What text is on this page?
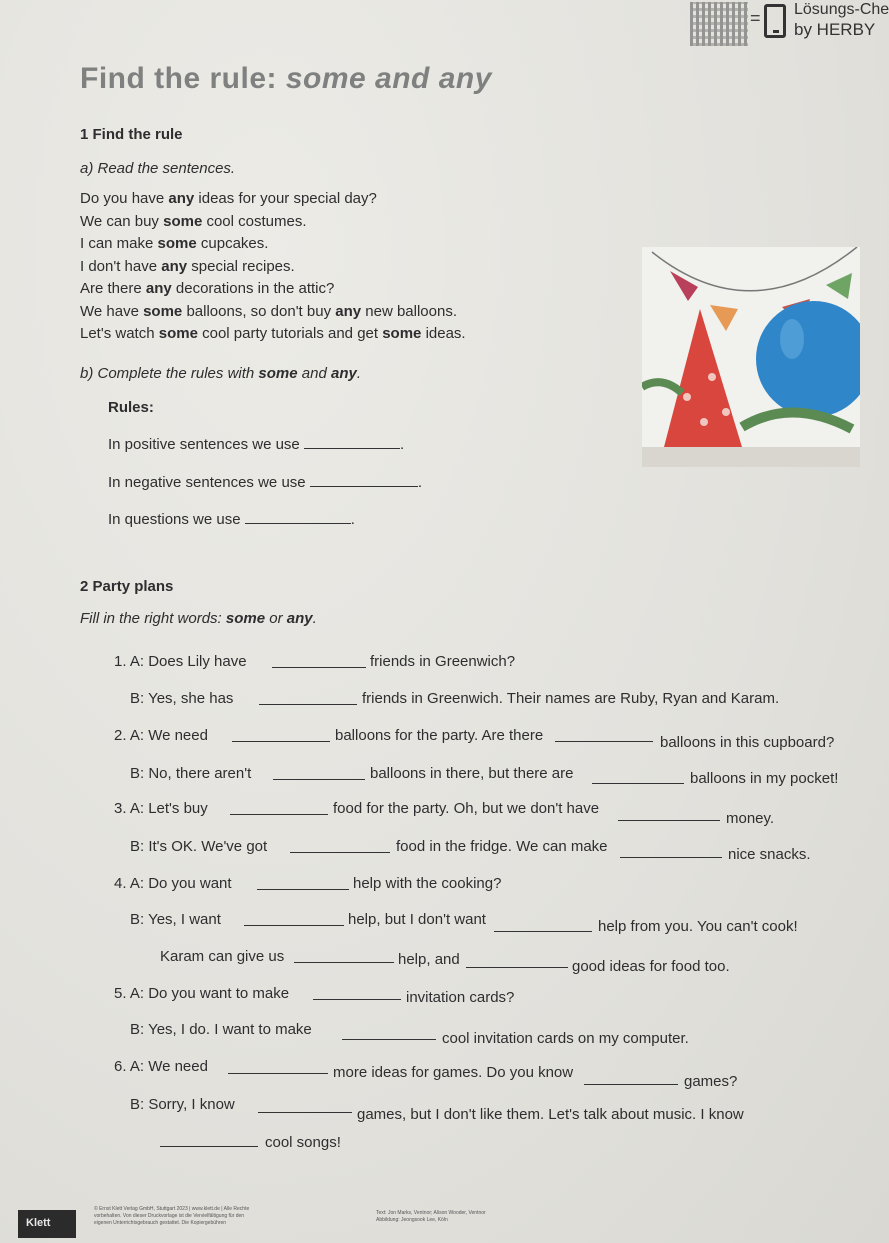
= Lösungs-Che
by HERBY
Find the rule: some and any
1 Find the rule
a) Read the sentences.
Do you have any ideas for your special day?
We can buy some cool costumes.
I can make some cupcakes.
I don't have any special recipes.
Are there any decorations in the attic?
We have some balloons, so don't buy any new balloons.
Let's watch some cool party tutorials and get some ideas.
b) Complete the rules with some and any.
Rules:
In positive sentences we use	.
In negative sentences we use	.
In questions we use	.
2 Party plans
Fill in the right words: some or any.
1. A: Does Lily have	friends in Greenwich?
B: Yes, she has	friends in Greenwich. Their names are Ruby, Ryan and Karam.
2. A: We need	balloons for the party. Are there	balloons in this cupboard?
B: No, there aren't	balloons in there, but there are	balloons in my pocket!
3. A: Let's buy	food for the party. Oh, but we don't have
money.
B: It's OK. We've got	food in the fridge. We can make	nice snacks.
4. A: Do you want	help with the cooking?
B: Yes, I want	help, but I don't want	help from you. You can't cook!
Karam can give us	help, and	good ideas for food too.
5. A: Do you want to make	invitation cards?
B: Yes, I do. I want to make
cool invitation cards on my computer.
6. A: We need	more ideas for games. Do you know
games?
B: Sorry, I know
games, but I don't like them. Let's talk about music. I know
cool songs!
Klett
© Ernst Klett Verlag GmbH, Stuttgart 2023 | www.klett.de | Alle Rechte
vorbehalten. Von dieser Druckvorlage ist die Vervielfältigung für den
eigenen Unterrichtsgebrauch gestattet. Die Kopiergebühren
Text: Jon Marks, Ventnor; Alison Wooder, Ventnor
Abbildung: Jeongsook Lee, Köln
